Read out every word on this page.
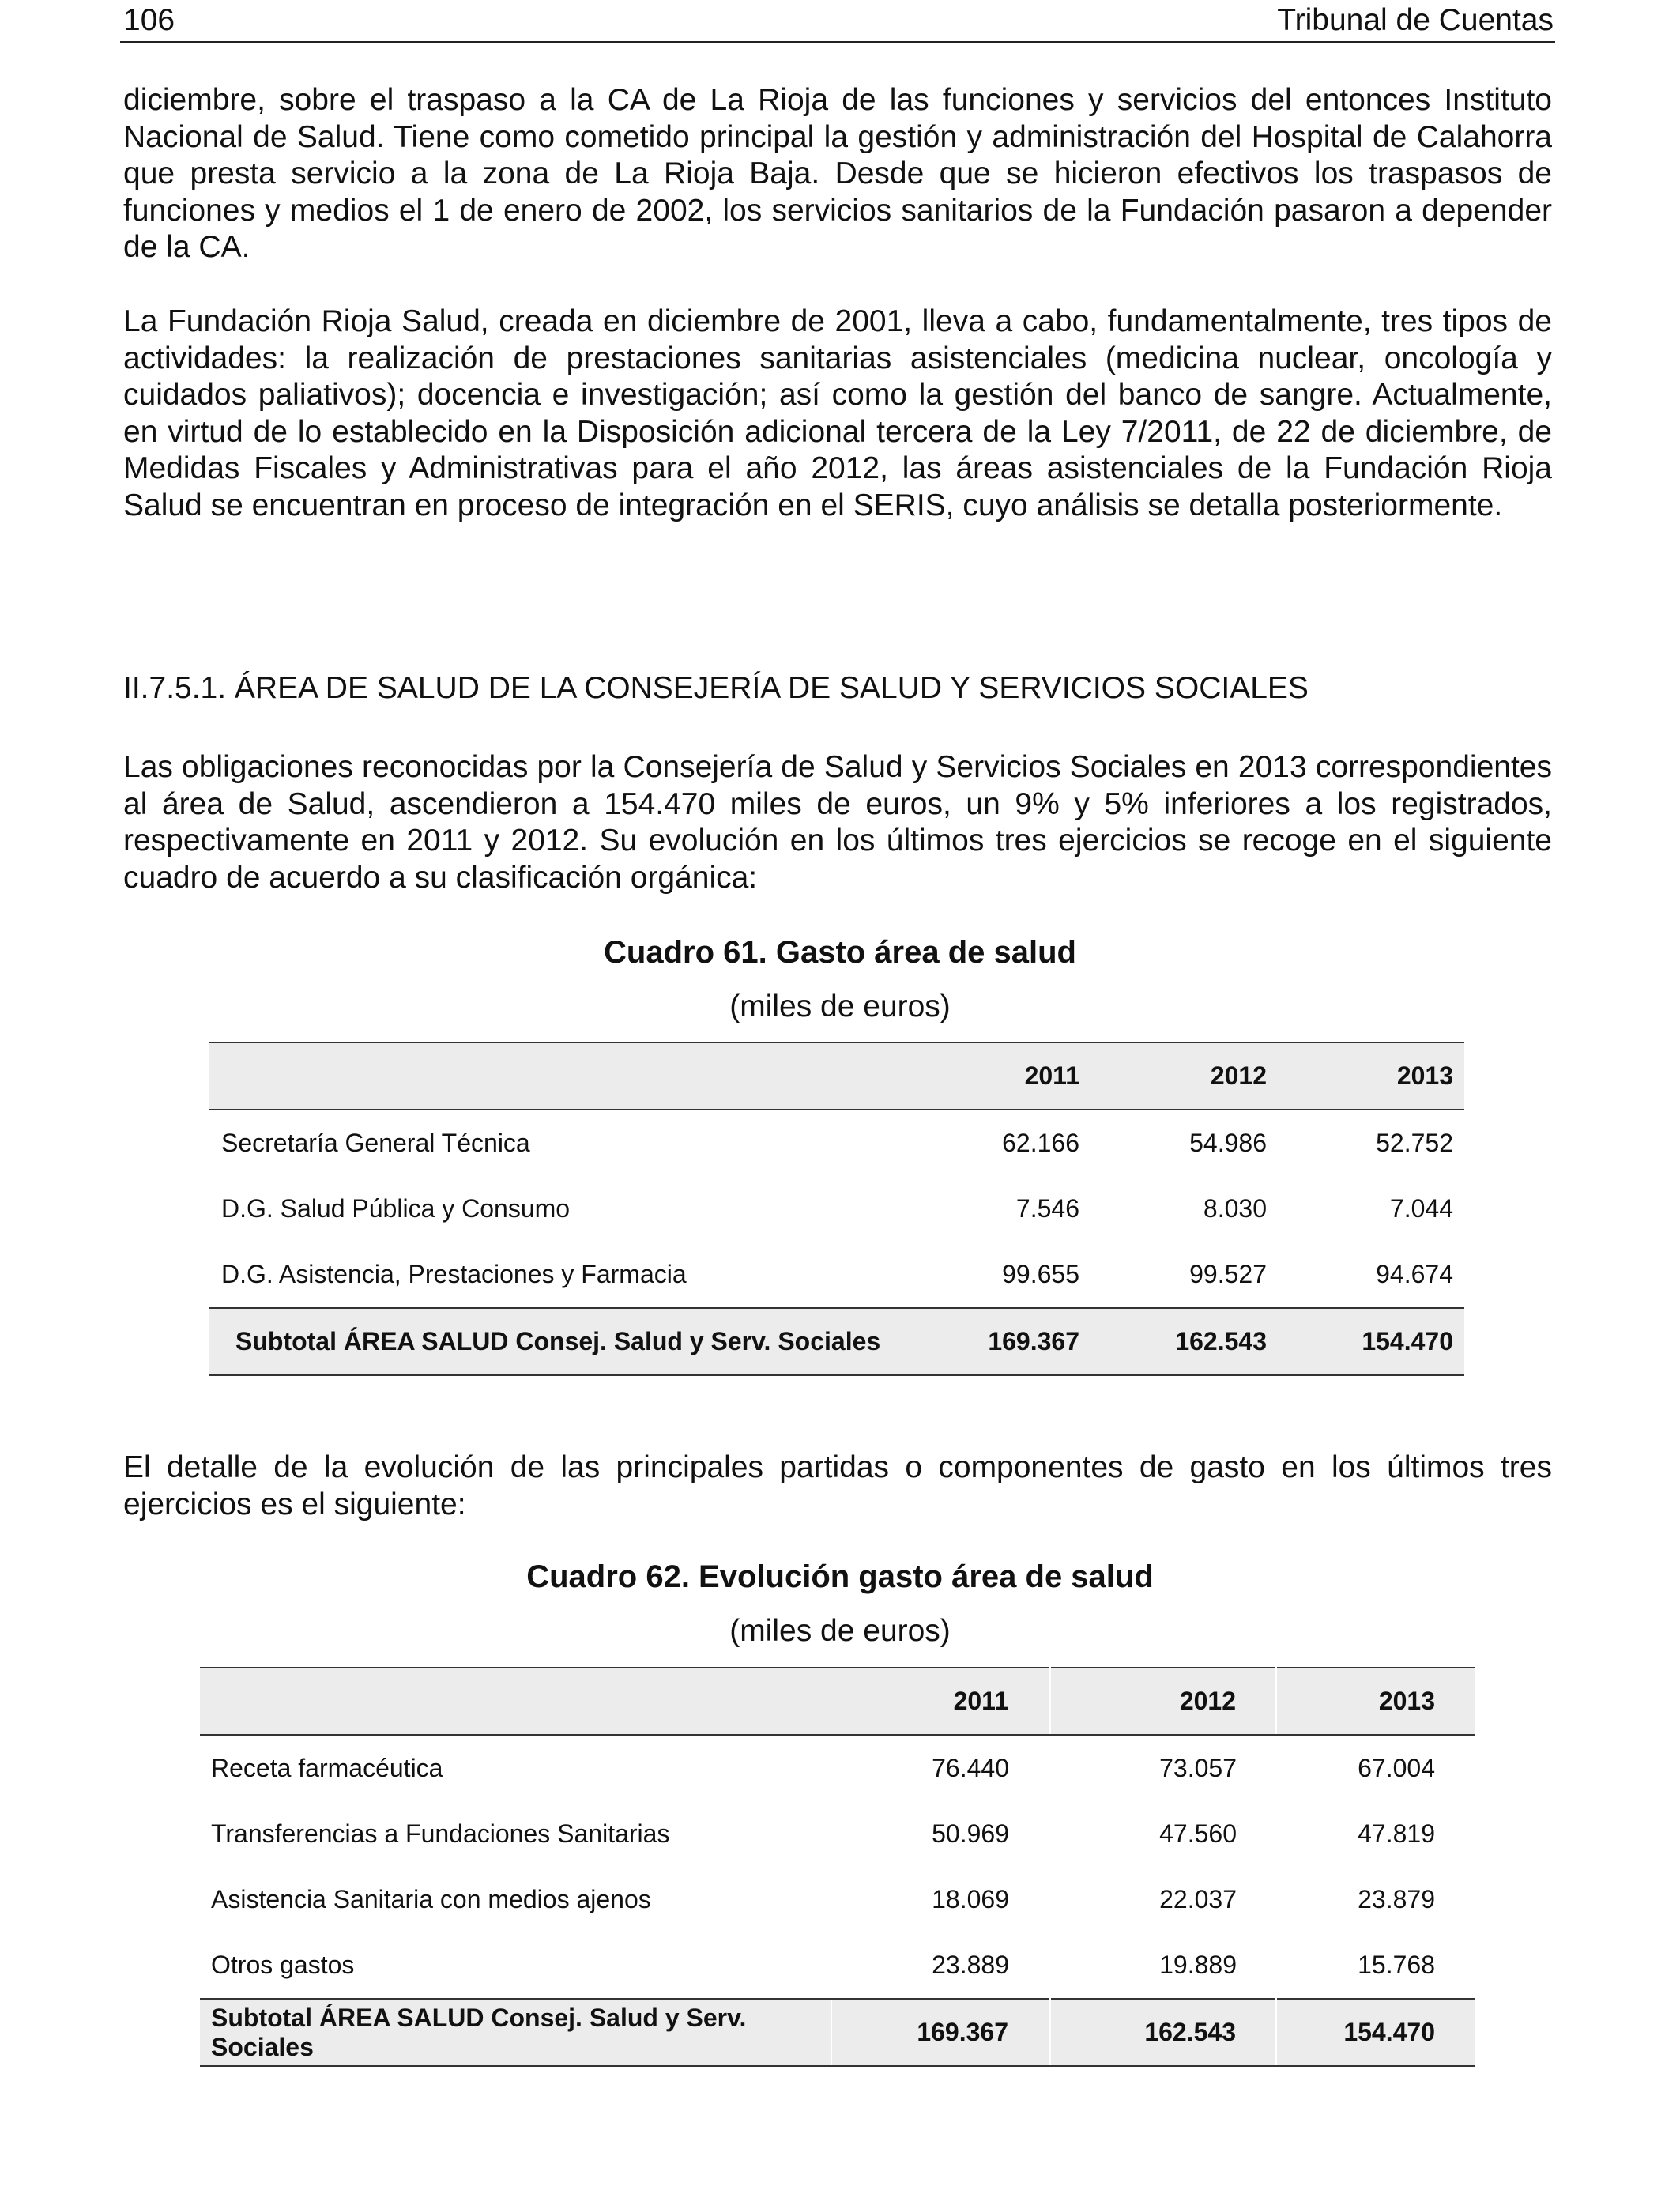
106	Tribunal de Cuentas

diciembre, sobre el traspaso a la CA de La Rioja de las funciones y servicios del entonces Instituto Nacional de Salud. Tiene como cometido principal la gestión y administración del Hospital de Calahorra que presta servicio a la zona de La Rioja Baja. Desde que se hicieron efectivos los traspasos de funciones y medios el 1 de enero de 2002, los servicios sanitarios de la Fundación pasaron a depender de la CA.

La Fundación Rioja Salud, creada en diciembre de 2001, lleva a cabo, fundamentalmente, tres tipos de actividades: la realización de prestaciones sanitarias asistenciales (medicina nuclear, oncología y cuidados paliativos); docencia e investigación; así como la gestión del banco de sangre. Actualmente, en virtud de lo establecido en la Disposición adicional tercera de la Ley 7/2011, de 22 de diciembre, de Medidas Fiscales y Administrativas para el año 2012, las áreas asistenciales de la Fundación Rioja Salud se encuentran en proceso de integración en el SERIS, cuyo análisis se detalla posteriormente.

II.7.5.1. ÁREA DE SALUD DE LA CONSEJERÍA DE SALUD Y SERVICIOS SOCIALES

Las obligaciones reconocidas por la Consejería de Salud y Servicios Sociales en 2013 correspondientes al área de Salud, ascendieron a 154.470 miles de euros, un 9% y 5% inferiores a los registrados, respectivamente en 2011 y 2012. Su evolución en los últimos tres ejercicios se recoge en el siguiente cuadro de acuerdo a su clasificación orgánica:

Cuadro 61. Gasto área de salud

(miles de euros)

	2011	2012	2013
Secretaría General Técnica	62.166	54.986	52.752
D.G. Salud Pública y Consumo	7.546	8.030	7.044
D.G. Asistencia, Prestaciones y Farmacia	99.655	99.527	94.674
Subtotal ÁREA SALUD Consej. Salud y Serv. Sociales	169.367	162.543	154.470

El detalle de la evolución de las principales partidas o componentes de gasto en los últimos tres ejercicios es el siguiente:

Cuadro 62. Evolución gasto área de salud

(miles de euros)

	2011	2012	2013
Receta farmacéutica	76.440	73.057	67.004
Transferencias a Fundaciones Sanitarias	50.969	47.560	47.819
Asistencia Sanitaria con medios ajenos	18.069	22.037	23.879
Otros gastos	23.889	19.889	15.768
Subtotal ÁREA SALUD Consej. Salud y Serv. Sociales	169.367	162.543	154.470
